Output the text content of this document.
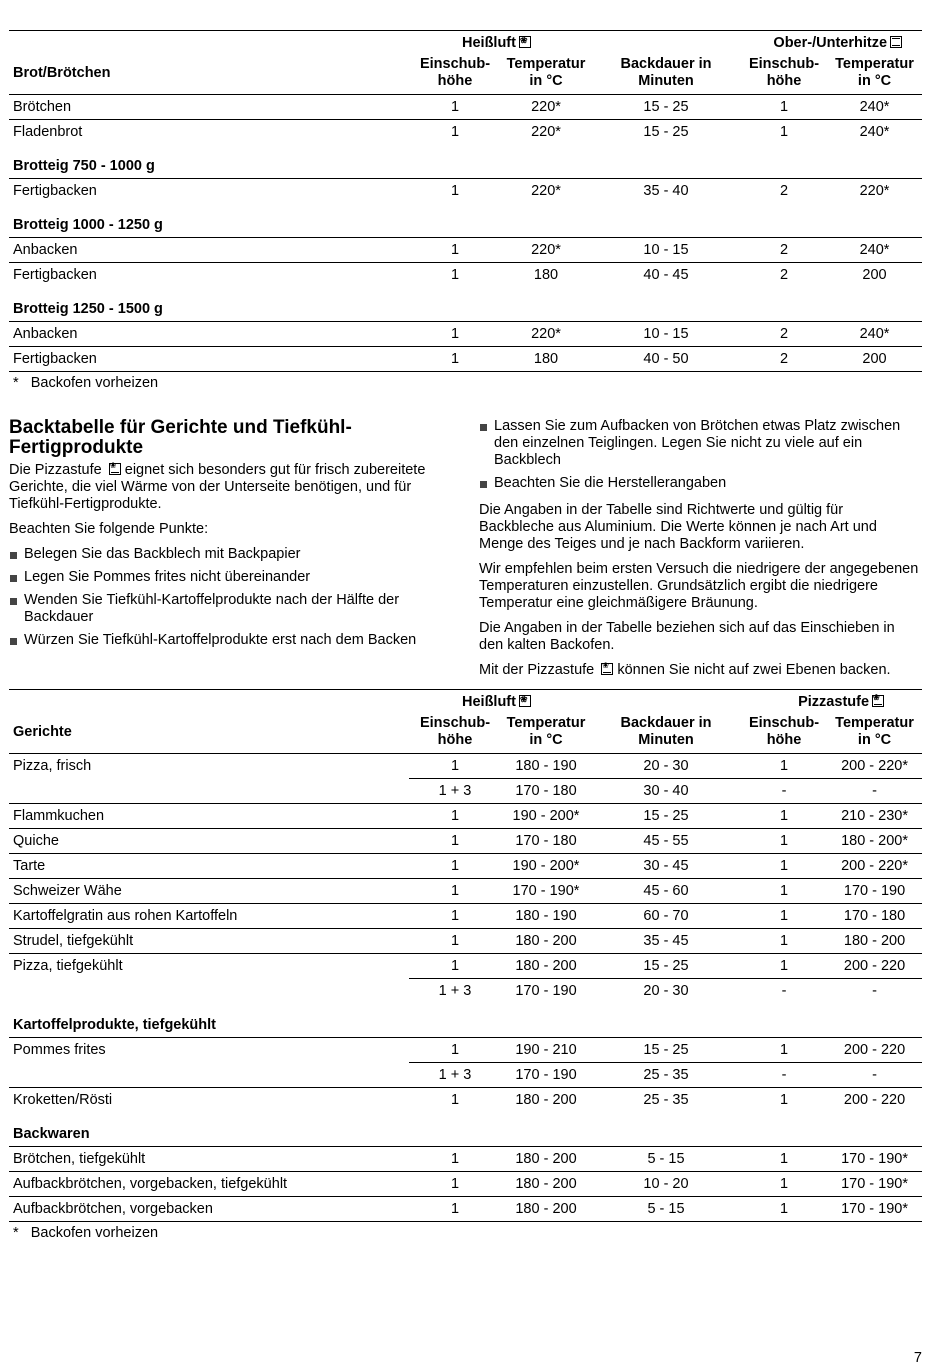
	Heißluft❀			Ober-/Unterhitze	
Brot/Brötchen	Einschub-höhe	Temperatur in °C	Backdauer in Minuten	Einschub-höhe	Temperatur in °C
Brötchen	1	220*	15 - 25	1	240*
Fladenbrot	1	220*	15 - 25	1	240*
Brotteig 750 - 1000 g					
Fertigbacken	1	220*	35 - 40	2	220*
Brotteig 1000 - 1250 g					
Anbacken	1	220*	10 - 15	2	240*
Fertigbacken	1	180	40 - 45	2	200
Brotteig 1250 - 1500 g					
Anbacken	1	220*	10 - 15	2	240*
Fertigbacken	1	180	40 - 50	2	200
*   Backofen vorheizen					
Backtabelle für Gerichte und Tiefkühl-Fertigprodukte

Die Pizzastufe ❀ eignet sich besonders gut für frisch zubereitete Gerichte, die viel Wärme von der Unterseite benötigen, und für Tiefkühl-Fertigprodukte.

Beachten Sie folgende Punkte:

Belegen Sie das Backblech mit Backpapier
Legen Sie Pommes frites nicht übereinander
Wenden Sie Tiefkühl-Kartoffelprodukte nach der Hälfte der Backdauer
Würzen Sie Tiefkühl-Kartoffelprodukte erst nach dem Backen
Lassen Sie zum Aufbacken von Brötchen etwas Platz zwischen den einzelnen Teiglingen. Legen Sie nicht zu viele auf ein Backblech
Beachten Sie die Herstellerangaben

Die Angaben in der Tabelle sind Richtwerte und gültig für Backbleche aus Aluminium. Die Werte können je nach Art und Menge des Teiges und je nach Backform variieren.

Wir empfehlen beim ersten Versuch die niedrigere der angegebenen Temperaturen einzustellen. Grundsätzlich ergibt die niedrigere Temperatur eine gleichmäßigere Bräunung.

Die Angaben in der Tabelle beziehen sich auf das Einschieben in den kalten Backofen.

Mit der Pizzastufe ❀ können Sie nicht auf zwei Ebenen backen.

	Heißluft❀			Pizzastufe❀
Gerichte	Einschub-höhe	Temperatur in °C	Backdauer in Minuten	Einschub-höhe	Temperatur in °C
Pizza, frisch	1	180 - 190	20 - 30	1	200 - 220*
	1 + 3	170 - 180	30 - 40	-	-
Flammkuchen	1	190 - 200*	15 - 25	1	210 - 230*
Quiche	1	170 - 180	45 - 55	1	180 - 200*
Tarte	1	190 - 200*	30 - 45	1	200 - 220*
Schweizer Wähe	1	170 - 190*	45 - 60	1	170 - 190
Kartoffelgratin aus rohen Kartoffeln	1	180 - 190	60 - 70	1	170 - 180
Strudel, tiefgekühlt	1	180 - 200	35 - 45	1	180 - 200
Pizza, tiefgekühlt	1	180 - 200	15 - 25	1	200 - 220
	1 + 3	170 - 190	20 - 30	-	-
Kartoffelprodukte, tiefgekühlt					
Pommes frites	1	190 - 210	15 - 25	1	200 - 220
	1 + 3	170 - 190	25 - 35	-	-
Kroketten/Rösti	1	180 - 200	25 - 35	1	200 - 220
Backwaren					
Brötchen, tiefgekühlt	1	180 - 200	5 - 15	1	170 - 190*
Aufbackbrötchen, vorgebacken, tiefgekühlt	1	180 - 200	10 - 20	1	170 - 190*
Aufbackbrötchen, vorgebacken	1	180 - 200	5 - 15	1	170 - 190*
*   Backofen vorheizen					
7
